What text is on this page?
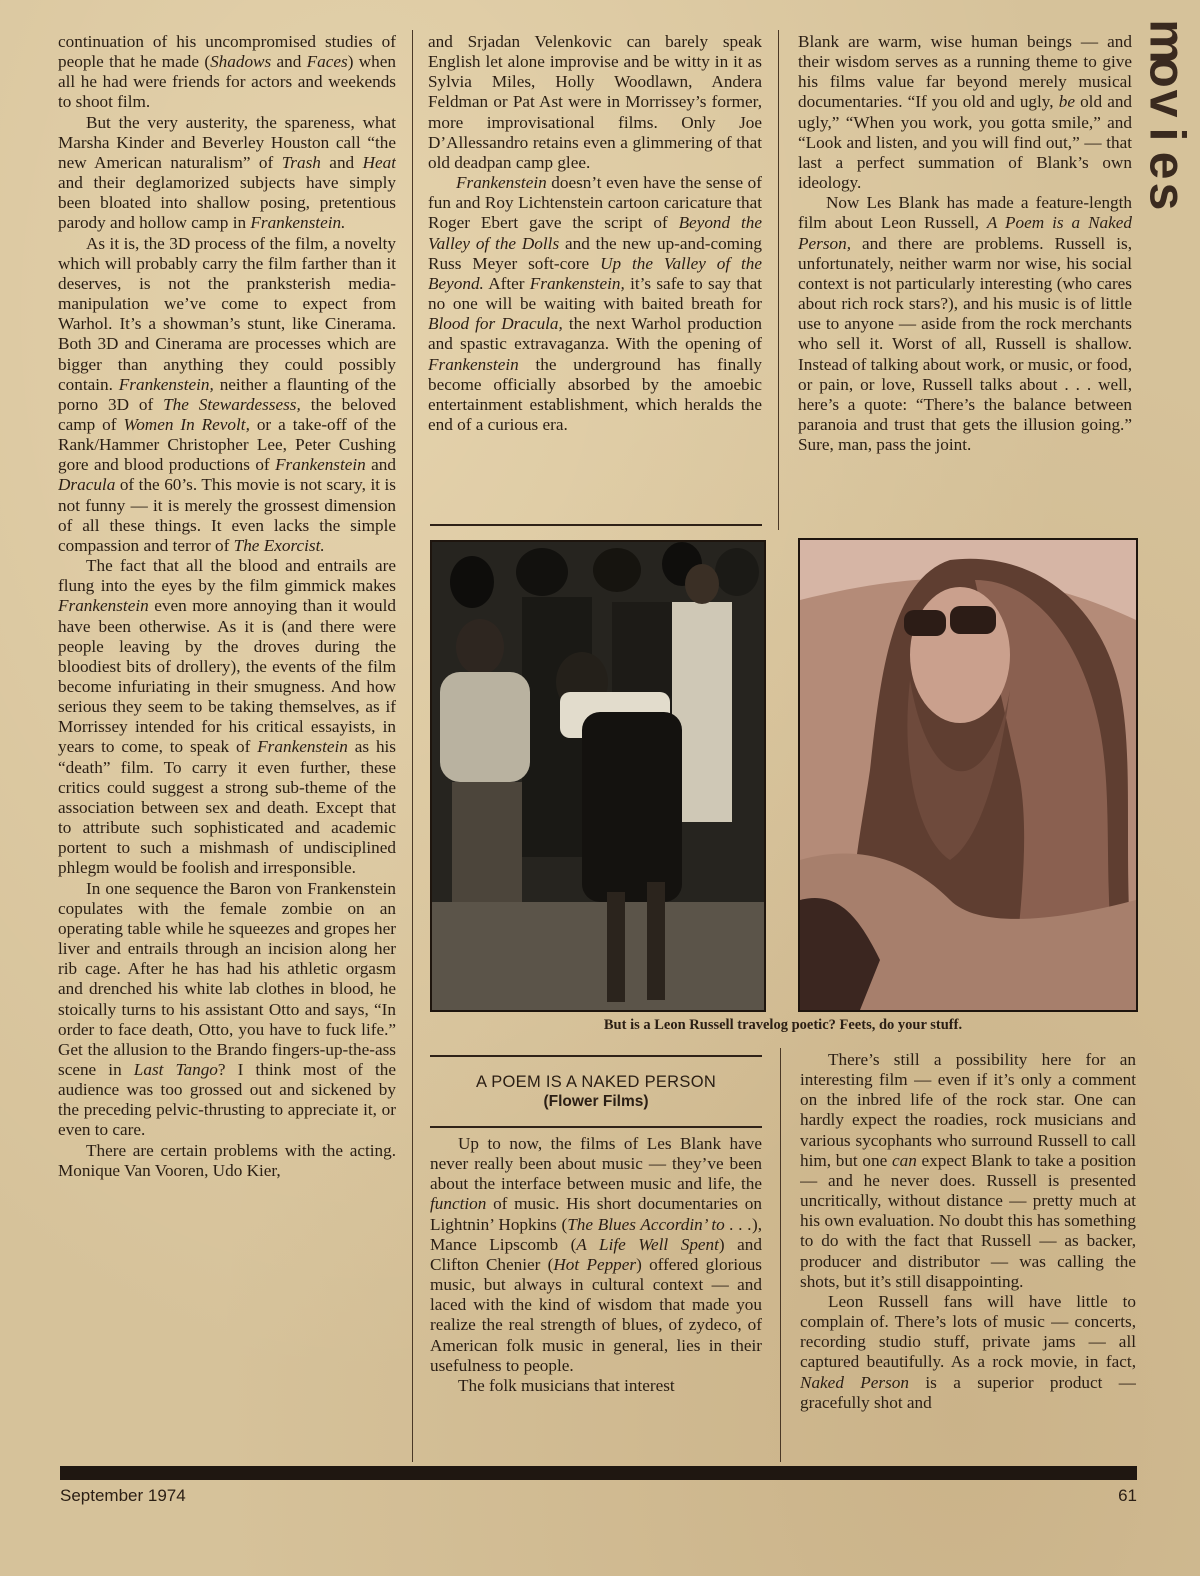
continuation of his uncompromised studies of people that he made (Shadows and Faces) when all he had were friends for actors and weekends to shoot film.

But the very austerity, the spareness, what Marsha Kinder and Beverley Houston call “the new American naturalism” of Trash and Heat and their deglamorized subjects have simply been bloated into shallow posing, pretentious parody and hollow camp in Frankenstein.

As it is, the 3D process of the film, a novelty which will probably carry the film farther than it deserves, is not the pranksterish media-manipulation we’ve come to expect from Warhol. It’s a showman’s stunt, like Cinerama. Both 3D and Cinerama are processes which are bigger than anything they could possibly contain. Frankenstein, neither a flaunting of the porno 3D of The Stewardessess, the beloved camp of Women In Revolt, or a take-off of the Rank/Hammer Christopher Lee, Peter Cushing gore and blood productions of Frankenstein and Dracula of the 60’s. This movie is not scary, it is not funny — it is merely the grossest dimension of all these things. It even lacks the simple compassion and terror of The Exorcist.

The fact that all the blood and entrails are flung into the eyes by the film gimmick makes Frankenstein even more annoying than it would have been otherwise. As it is (and there were people leaving by the droves during the bloodiest bits of drollery), the events of the film become infuriating in their smugness. And how serious they seem to be taking themselves, as if Morrissey intended for his critical essayists, in years to come, to speak of Frankenstein as his “death” film. To carry it even further, these critics could suggest a strong sub-theme of the association between sex and death. Except that to attribute such sophisticated and academic portent to such a mishmash of undisciplined phlegm would be foolish and irresponsible.

In one sequence the Baron von Frankenstein copulates with the female zombie on an operating table while he squeezes and gropes her liver and entrails through an incision along her rib cage. After he has had his athletic orgasm and drenched his white lab clothes in blood, he stoically turns to his assistant Otto and says, “In order to face death, Otto, you have to fuck life.” Get the allusion to the Brando fingers-up-the-ass scene in Last Tango? I think most of the audience was too grossed out and sickened by the preceding pelvic-thrusting to appreciate it, or even to care.

There are certain problems with the acting. Monique Van Vooren, Udo Kier,

and Srjadan Velenkovic can barely speak English let alone improvise and be witty in it as Sylvia Miles, Holly Woodlawn, Andera Feldman or Pat Ast were in Morrissey’s former, more improvisational films. Only Joe D’Allessandro retains even a glimmering of that old deadpan camp glee.

Frankenstein doesn’t even have the sense of fun and Roy Lichtenstein cartoon caricature that Roger Ebert gave the script of Beyond the Valley of the Dolls and the new up-and-coming Russ Meyer soft-core Up the Valley of the Beyond. After Frankenstein, it’s safe to say that no one will be waiting with baited breath for Blood for Dracula, the next Warhol production and spastic extravaganza. With the opening of Frankenstein the underground has finally become officially absorbed by the amoebic entertainment establishment, which heralds the end of a curious era.

Blank are warm, wise human beings — and their wisdom serves as a running theme to give his films value far beyond merely musical documentaries. “If you old and ugly, be old and ugly,” “When you work, you gotta smile,” and “Look and listen, and you will find out,” — that last a perfect summation of Blank’s own ideology.

Now Les Blank has made a feature-length film about Leon Russell, A Poem is a Naked Person, and there are problems. Russell is, unfortunately, neither warm nor wise, his social context is not particularly interesting (who cares about rich rock stars?), and his music is of little use to anyone — aside from the rock merchants who sell it. Worst of all, Russell is shallow. Instead of talking about work, or music, or food, or pain, or love, Russell talks about . . . well, here’s a quote: “There’s the balance between paranoia and trust that gets the illusion going.” Sure, man, pass the joint.

m
o
v
i
e
s
But is a Leon Russell travelog poetic? Feets, do your stuff.
A POEM IS A NAKED PERSON
(Flower Films)

Up to now, the films of Les Blank have never really been about music — they’ve been about the interface between music and life, the function of music. His short documentaries on Lightnin’ Hopkins (The Blues Accordin’ to . . .), Mance Lipscomb (A Life Well Spent) and Clifton Chenier (Hot Pepper) offered glorious music, but always in cultural context — and laced with the kind of wisdom that made you realize the real strength of blues, of zydeco, of American folk music in general, lies in their usefulness to people.

The folk musicians that interest

There’s still a possibility here for an interesting film — even if it’s only a comment on the inbred life of the rock star. One can hardly expect the roadies, rock musicians and various sycophants who surround Russell to call him, but one can expect Blank to take a position — and he never does. Russell is presented uncritically, without distance — pretty much at his own evaluation. No doubt this has something to do with the fact that Russell — as backer, producer and distributor — was calling the shots, but it’s still disappointing.

Leon Russell fans will have little to complain of. There’s lots of music — concerts, recording studio stuff, private jams — all captured beautifully. As a rock movie, in fact, Naked Person is a superior product — gracefully shot and

September 1974	61
